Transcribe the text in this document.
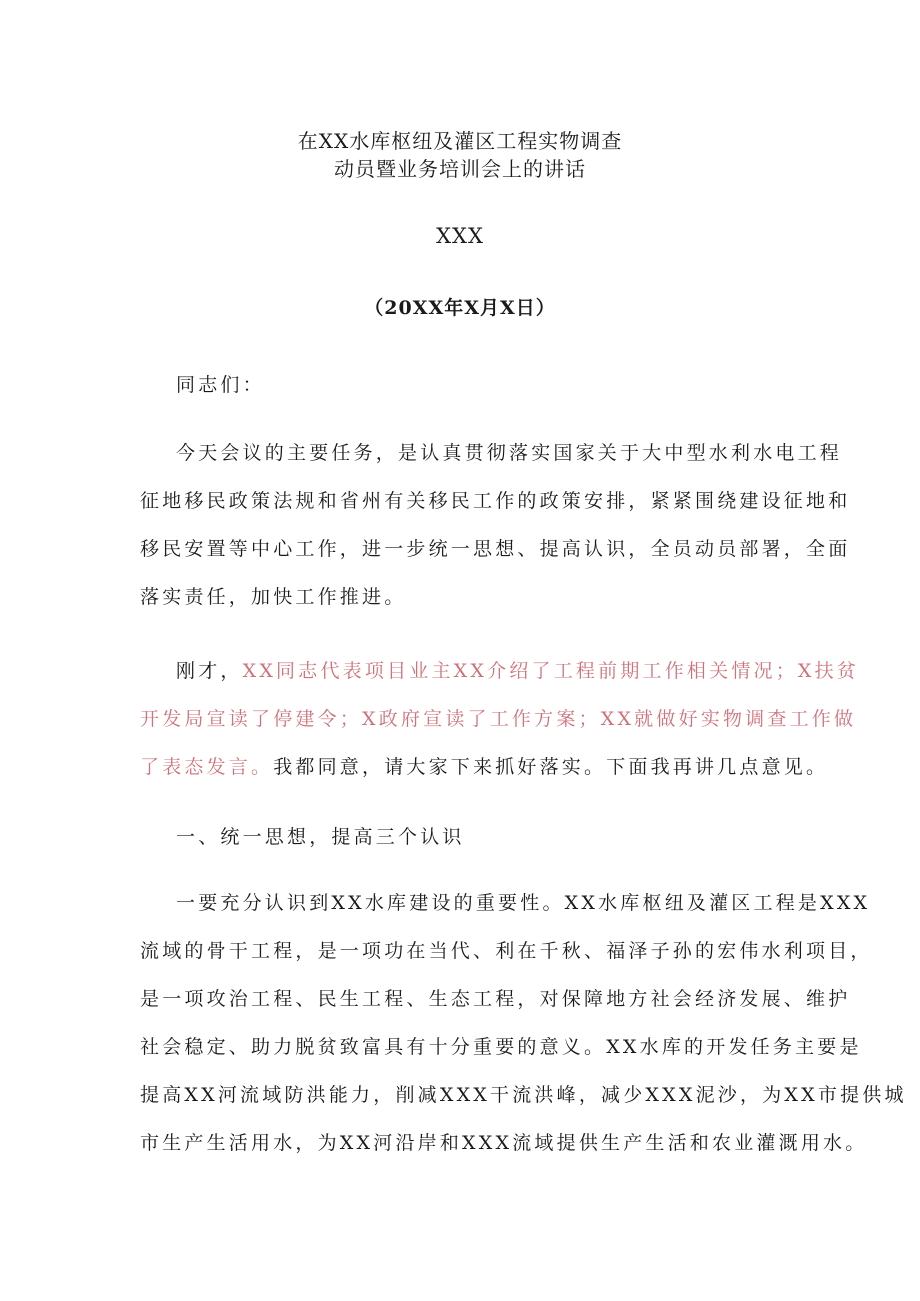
在XX水库枢纽及灌区工程实物调查
动员暨业务培训会上的讲话
XXX
（20XX年X月X日）
同志们：
今天会议的主要任务，是认真贯彻落实国家关于大中型水利水电工程
征地移民政策法规和省州有关移民工作的政策安排，紧紧围绕建设征地和
移民安置等中心工作，进一步统一思想、提高认识，全员动员部署，全面
落实责任，加快工作推进。
刚才，XX同志代表项目业主XX介绍了工程前期工作相关情况；X扶贫
开发局宣读了停建令；X政府宣读了工作方案；XX就做好实物调查工作做
了表态发言。我都同意，请大家下来抓好落实。下面我再讲几点意见。
一、统一思想，提高三个认识
一要充分认识到XX水库建设的重要性。XX水库枢纽及灌区工程是XXX
流域的骨干工程，是一项功在当代、利在千秋、福泽子孙的宏伟水利项目，
是一项攻治工程、民生工程、生态工程，对保障地方社会经济发展、维护
社会稳定、助力脱贫致富具有十分重要的意义。XX水库的开发任务主要是
提高XX河流域防洪能力，削减XXX干流洪峰，减少XXX泥沙，为XX市提供城
市生产生活用水，为XX河沿岸和XXX流域提供生产生活和农业灌溉用水。
